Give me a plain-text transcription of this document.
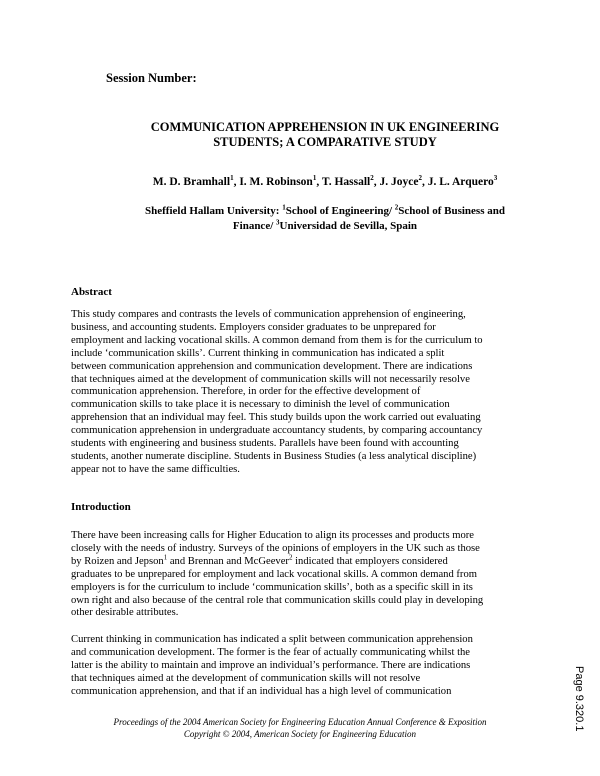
Session Number:
COMMUNICATION APPREHENSION IN UK ENGINEERING
STUDENTS; A COMPARATIVE STUDY
M. D. Bramhall$^1$, I. M. Robinson$^1$, T. Hassall$^2$, J. Joyce$^2$, J. L. Arquero$^3$
Sheffield Hallam University: $^1$School of Engineering/ $^2$School of Business and
Finance/ $^3$Universidad de Sevilla, Spain
Abstract
This study compares and contrasts the levels of communication apprehension of engineering,
business, and accounting students. Employers consider graduates to be unprepared for
employment and lacking vocational skills. A common demand from them is for the curriculum to
include ‘communication skills’. Current thinking in communication has indicated a split
between communication apprehension and communication development. There are indications
that techniques aimed at the development of communication skills will not necessarily resolve
communication apprehension. Therefore, in order for the effective development of
communication skills to take place it is necessary to diminish the level of communication
apprehension that an individual may feel. This study builds upon the work carried out evaluating
communication apprehension in undergraduate accountancy students, by comparing accountancy
students with engineering and business students. Parallels have been found with accounting
students, another numerate discipline. Students in Business Studies (a less analytical discipline)
appear not to have the same difficulties.
Introduction
There have been increasing calls for Higher Education to align its processes and products more
closely with the needs of industry. Surveys of the opinions of employers in the UK such as those
by Roizen and Jepson$^1$ and Brennan and McGeever$^2$ indicated that employers considered
graduates to be unprepared for employment and lack vocational skills. A common demand from
employers is for the curriculum to include ‘communication skills’, both as a specific skill in its
own right and also because of the central role that communication skills could play in developing
other desirable attributes.
Current thinking in communication has indicated a split between communication apprehension
and communication development. The former is the fear of actually communicating whilst the
latter is the ability to maintain and improve an individual’s performance. There are indications
that techniques aimed at the development of communication skills will not resolve
communication apprehension, and that if an individual has a high level of communication
Proceedings of the 2004 American Society for Engineering Education Annual Conference & Exposition
Copyright © 2004, American Society for Engineering Education
Page 9.320.1
